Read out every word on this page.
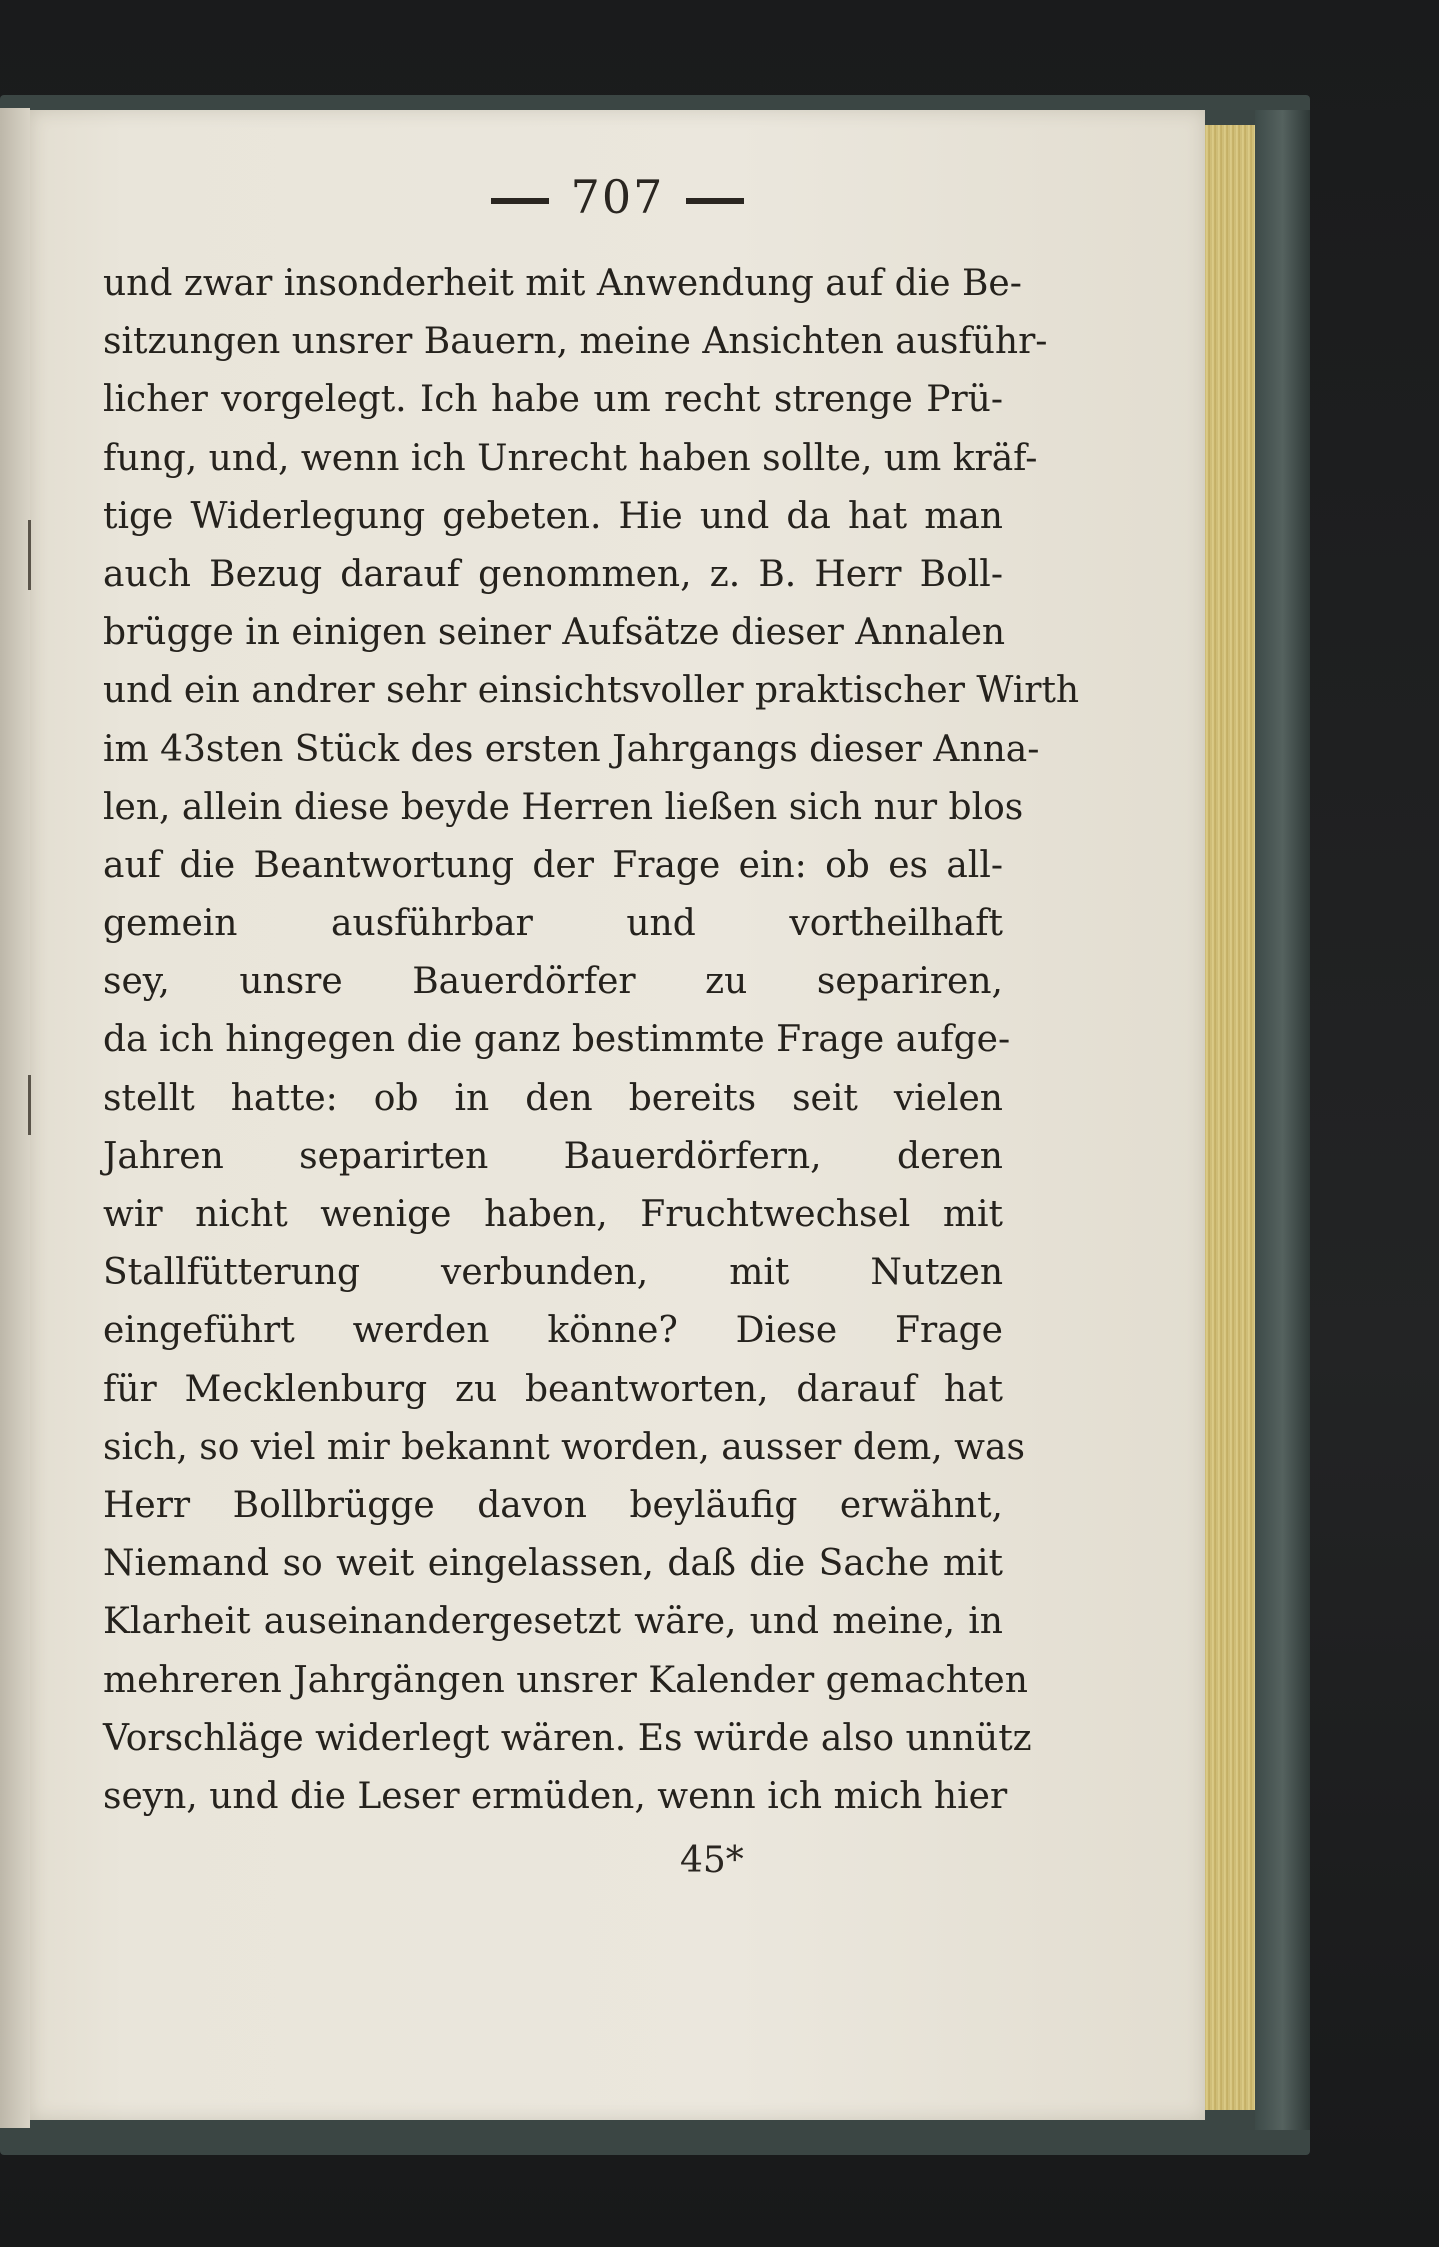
707
und zwar insonderheit mit Anwendung auf die Be-
sitzungen unsrer Bauern, meine Ansichten ausführ-
licher vorgelegt. Ich habe um recht strenge Prü-
fung, und, wenn ich Unrecht haben sollte, um kräf-
tige Widerlegung gebeten. Hie und da hat man
auch Bezug darauf genommen, z. B. Herr Boll-
brügge in einigen seiner Aufsätze dieser Annalen
und ein andrer sehr einsichtsvoller praktischer Wirth
im 43sten Stück des ersten Jahrgangs dieser Anna-
len, allein diese beyde Herren ließen sich nur blos
auf die Beantwortung der Frage ein: ob es all-
gemein ausführbar und vortheilhaft
sey, unsre Bauerdörfer zu separiren,
da ich hingegen die ganz bestimmte Frage aufge-
stellt hatte: ob in den bereits seit vielen
Jahren separirten Bauerdörfern, deren
wir nicht wenige haben, Fruchtwechsel mit
Stallfütterung verbunden, mit Nutzen
eingeführt werden könne? Diese Frage
für Mecklenburg zu beantworten, darauf hat
sich, so viel mir bekannt worden, ausser dem, was
Herr Bollbrügge davon beyläufig erwähnt,
Niemand so weit eingelassen, daß die Sache mit
Klarheit auseinandergesetzt wäre, und meine, in
mehreren Jahrgängen unsrer Kalender gemachten
Vorschläge widerlegt wären. Es würde also unnütz
seyn, und die Leser ermüden, wenn ich mich hier
45*
